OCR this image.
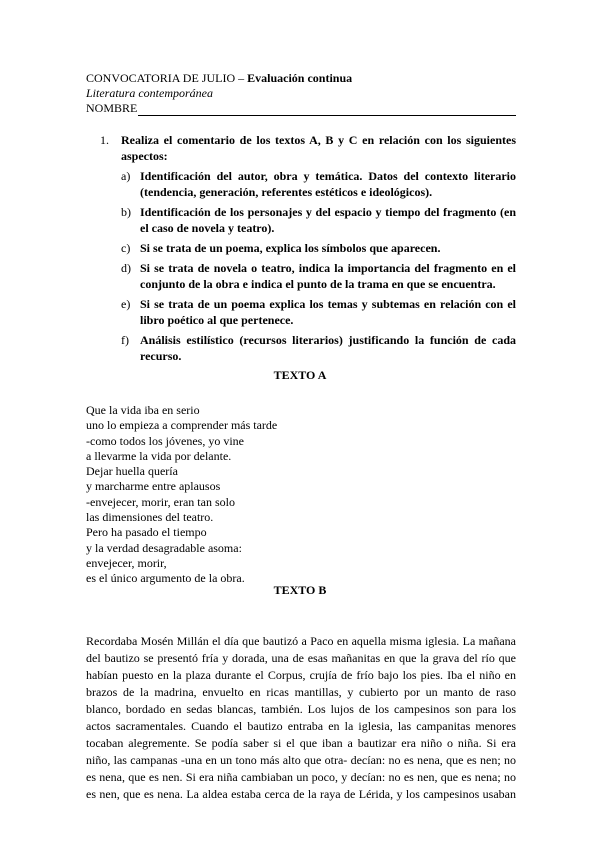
CONVOCATORIA DE JULIO – Evaluación continua
Literatura contemporánea
NOMBRE
1.	Realiza el comentario de los textos A, B y C en relación con los siguientes aspectos:
a) Identificación del autor, obra y temática. Datos del contexto literario (tendencia, generación, referentes estéticos e ideológicos).
b) Identificación de los personajes y del espacio y tiempo del fragmento (en el caso de novela y teatro).
c) Si se trata de un poema, explica los símbolos que aparecen.
d) Si se trata de novela o teatro, indica la importancia del fragmento en el conjunto de la obra e indica el punto de la trama en que se encuentra.
e) Si se trata de un poema explica los temas y subtemas en relación con el libro poético al que pertenece.
f) Análisis estilístico (recursos literarios) justificando la función de cada recurso.
TEXTO A
Que la vida iba en serio
uno lo empieza a comprender más tarde
-como todos los jóvenes, yo vine
a llevarme la vida por delante.
Dejar huella quería
y marcharme entre aplausos
-envejecer, morir, eran tan solo
las dimensiones del teatro.
Pero ha pasado el tiempo
y la verdad desagradable asoma:
envejecer, morir,
es el único argumento de la obra.
TEXTO B
Recordaba Mosén Millán el día que bautizó a Paco en aquella misma iglesia. La mañana
del bautizo se presentó fría y dorada, una de esas mañanitas en que la grava del río que
habían puesto en la plaza durante el Corpus, crujía de frío bajo los pies. Iba el niño en
brazos de la madrina, envuelto en ricas mantillas, y cubierto por un manto de raso
blanco, bordado en sedas blancas, también. Los lujos de los campesinos son para los
actos sacramentales. Cuando el bautizo entraba en la iglesia, las campanitas menores
tocaban alegremente. Se podía saber si el que iban a bautizar era niño o niña. Si era
niño, las campanas -una en un tono más alto que otra- decían: no es nena, que es nen; no
es nena, que es nen. Si era niña cambiaban un poco, y decían: no es nen, que es nena; no
es nen, que es nena. La aldea estaba cerca de la raya de Lérida, y los campesinos usaban
